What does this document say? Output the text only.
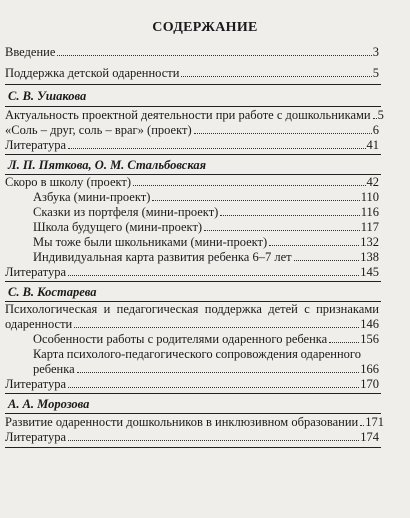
СОДЕРЖАНИЕ
Введение	3
Поддержка детской одаренности	5
С. В. Ушакова
Актуальность проектной деятельности при работе с дошкольниками 5
«Соль – друг, соль – враг» (проект)	6
Литература	41
Л. П. Пяткова, О. М. Стальбовская
Скоро в школу (проект)	42
Азбука (мини-проект)	110
Сказки из портфеля (мини-проект)	116
Школа будущего (мини-проект)	117
Мы тоже были школьниками (мини-проект)	132
Индивидуальная карта развития ребенка 6–7 лет	138
Литература	145
С. В. Костарева
Психологическая и педагогическая поддержка детей с признаками
одаренности	146
Особенности работы с родителями одаренного ребенка	156
Карта психолого-педагогического сопровождения одаренного
ребенка	166
Литература	170
А. А. Морозова
Развитие одаренности дошкольников в инклюзивном образовании 171
Литература	174
